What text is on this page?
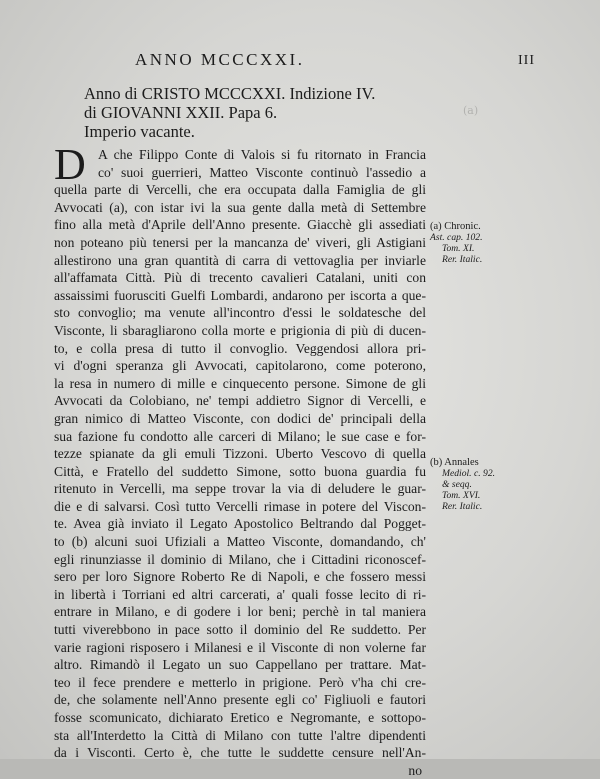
ANNO MCCCXXI.	III
Anno di CRISTO MCCCXXI. Indizione IV.
di GIOVANNI XXII. Papa 6.
Imperio vacante.
D A che Filippo Conte di Valois si fu ritornato in Francia
co' suoi guerrieri, Matteo Visconte continuò l'assedio a
quella parte di Vercelli, che era occupata dalla Famiglia de gli
Avvocati (a), con istar ivi la sua gente dalla metà di Settembre
fino alla metà d'Aprile dell'Anno presente. Giacchè gli assediati
non poteano più tenersi per la mancanza de' viveri, gli Astigiani
allestirono una gran quantità di carra di vettovaglia per inviarle
all'affamata Città. Più di trecento cavalieri Catalani, uniti con
assaissimi fuorusciti Guelfi Lombardi, andarono per iscorta a que-
sto convoglio; ma venute all'incontro d'essi le soldatesche del
Visconte, li sbaragliarono colla morte e prigionia di più di ducen-
to, e colla presa di tutto il convoglio. Veggendosi allora pri-
vi d'ogni speranza gli Avvocati, capitolarono, come poterono,
la resa in numero di mille e cinquecento persone. Simone de gli
Avvocati da Colobiano, ne' tempi addietro Signor di Vercelli, e
gran nimico di Matteo Visconte, con dodici de' principali della
sua fazione fu condotto alle carceri di Milano; le sue case e for-
tezze spianate da gli emuli Tizzoni. Uberto Vescovo di quella
Città, e Fratello del suddetto Simone, sotto buona guardia fu
ritenuto in Vercelli, ma seppe trovar la via di deludere le guar-
die e di salvarsi. Così tutto Vercelli rimase in potere del Viscon-
te. Avea già inviato il Legato Apostolico Beltrando dal Pogget-
to (b) alcuni suoi Ufiziali a Matteo Visconte, domandando, ch'
egli rinunziasse il dominio di Milano, che i Cittadini riconoscef-
sero per loro Signore Roberto Re di Napoli, e che fossero messi
in libertà i Torriani ed altri carcerati, a' quali fosse lecito di ri-
entrare in Milano, e di godere i lor beni; perchè in tal maniera
tutti viverebbono in pace sotto il dominio del Re suddetto. Per
varie ragioni risposero i Milanesi e il Visconte di non volerne far
altro. Rimandò il Legato un suo Cappellano per trattare. Mat-
teo il fece prendere e metterlo in prigione. Però v'ha chi cre-
de, che solamente nell'Anno presente egli co' Figliuoli e fautori
fosse scomunicato, dichiarato Eretico e Negromante, e sottopo-
sta all'Interdetto la Città di Milano con tutte l'altre dipendenti
da i Visconti. Certo è, che tutte le suddette censure nell'An-
no
(a) Chronic.
Ast. cap. 102.
Tom. XI.
Rer. Italic.
(b) Annales
Mediol. c. 92.
& seqq.
Tom. XVI.
Rer. Italic.
(a)
